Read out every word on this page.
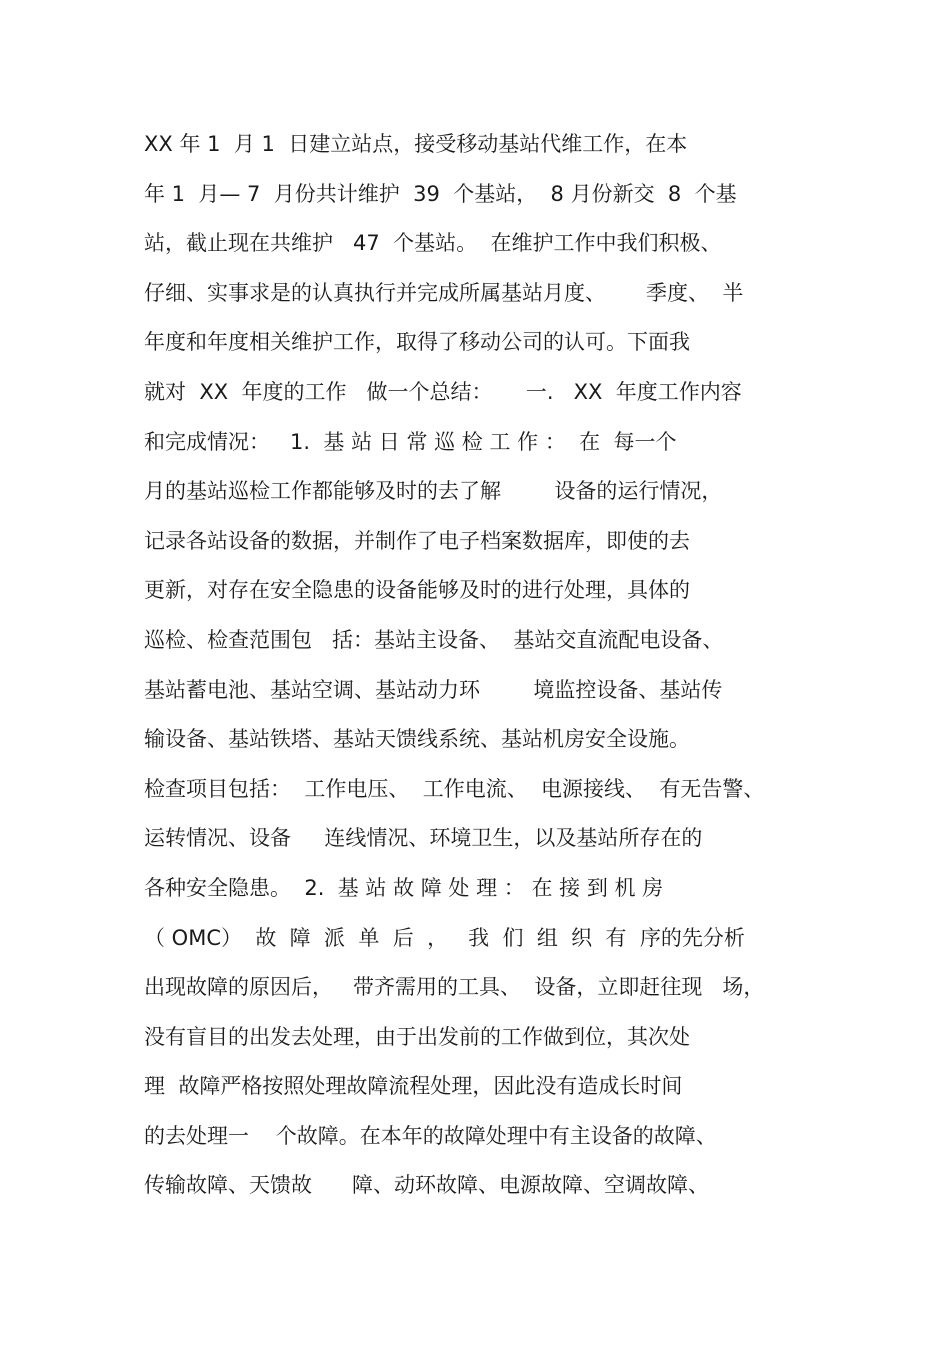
XX 年 1  月 1  日建立站点，接受移动基站代维工作，在本
年 1  月— 7  月份共计维护  39  个基站，  8 月份新交  8  个基
站，截止现在共维护   47  个基站。  在维护工作中我们积极、
仔细、实事求是的认真执行并完成所属基站月度、      季度、  半
年度和年度相关维护工作，取得了移动公司的认可。下面我
就对  XX  年度的工作   做一个总结：     一.   XX  年度工作内容
和完成情况：   1.  基 站 日 常 巡 检 工 作 ：  在  每一个
月的基站巡检工作都能够及时的去了解        设备的运行情况，
记录各站设备的数据，并制作了电子档案数据库，即使的去
更新，对存在安全隐患的设备能够及时的进行处理，具体的
巡检、检查范围包   括：基站主设备、  基站交直流配电设备、
基站蓄电池、基站空调、基站动力环        境监控设备、基站传
输设备、基站铁塔、基站天馈线系统、基站机房安全设施。
检查项目包括：  工作电压、  工作电流、  电源接线、  有无告警、
运转情况、设备     连线情况、环境卫生，以及基站所存在的
各种安全隐患。  2.  基 站 故 障 处 理 ： 在 接 到 机 房
（ OMC）  故  障  派  单  后  ，   我  们  组  织  有  序的先分析
出现故障的原因后，   带齐需用的工具、  设备，立即赶往现   场，
没有盲目的出发去处理，由于出发前的工作做到位，其次处
理  故障严格按照处理故障流程处理，因此没有造成长时间
的去处理一    个故障。在本年的故障处理中有主设备的故障、
传输故障、天馈故      障、动环故障、电源故障、空调故障、
